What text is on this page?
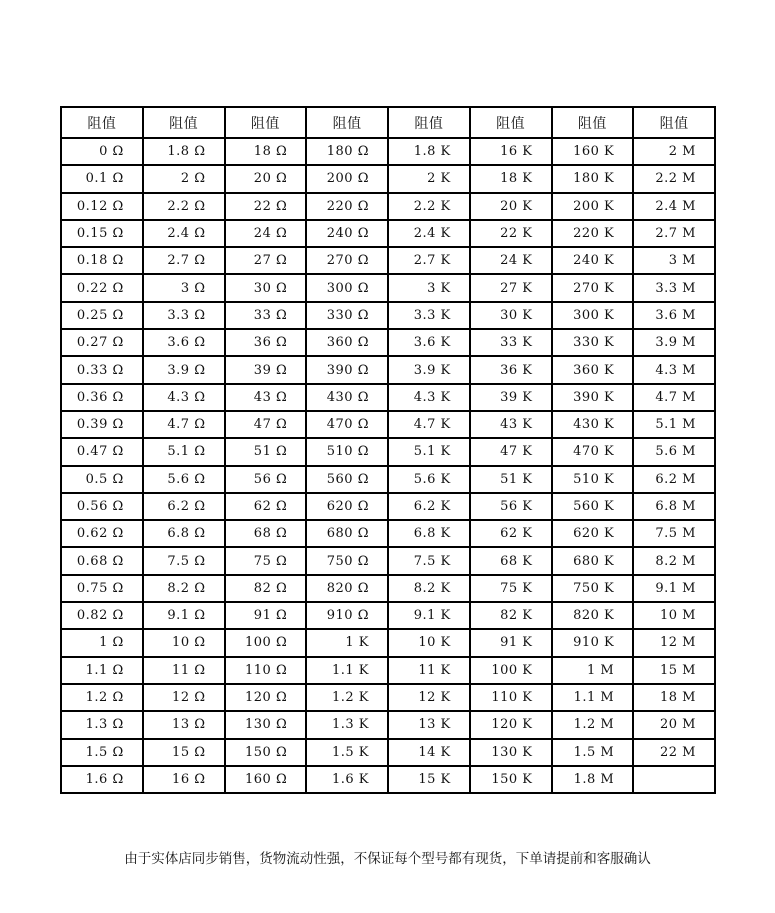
阻值	阻值	阻值	阻值	阻值	阻值	阻值	阻值
0 Ω	1.8 Ω	18 Ω	180 Ω	1.8 K	16 K	160 K	2 M
0.1 Ω	2 Ω	20 Ω	200 Ω	2 K	18 K	180 K	2.2 M
0.12 Ω	2.2 Ω	22 Ω	220 Ω	2.2 K	20 K	200 K	2.4 M
0.15 Ω	2.4 Ω	24 Ω	240 Ω	2.4 K	22 K	220 K	2.7 M
0.18 Ω	2.7 Ω	27 Ω	270 Ω	2.7 K	24 K	240 K	3 M
0.22 Ω	3 Ω	30 Ω	300 Ω	3 K	27 K	270 K	3.3 M
0.25 Ω	3.3 Ω	33 Ω	330 Ω	3.3 K	30 K	300 K	3.6 M
0.27 Ω	3.6 Ω	36 Ω	360 Ω	3.6 K	33 K	330 K	3.9 M
0.33 Ω	3.9 Ω	39 Ω	390 Ω	3.9 K	36 K	360 K	4.3 M
0.36 Ω	4.3 Ω	43 Ω	430 Ω	4.3 K	39 K	390 K	4.7 M
0.39 Ω	4.7 Ω	47 Ω	470 Ω	4.7 K	43 K	430 K	5.1 M
0.47 Ω	5.1 Ω	51 Ω	510 Ω	5.1 K	47 K	470 K	5.6 M
0.5 Ω	5.6 Ω	56 Ω	560 Ω	5.6 K	51 K	510 K	6.2 M
0.56 Ω	6.2 Ω	62 Ω	620 Ω	6.2 K	56 K	560 K	6.8 M
0.62 Ω	6.8 Ω	68 Ω	680 Ω	6.8 K	62 K	620 K	7.5 M
0.68 Ω	7.5 Ω	75 Ω	750 Ω	7.5 K	68 K	680 K	8.2 M
0.75 Ω	8.2 Ω	82 Ω	820 Ω	8.2 K	75 K	750 K	9.1 M
0.82 Ω	9.1 Ω	91 Ω	910 Ω	9.1 K	82 K	820 K	10 M
1 Ω	10 Ω	100 Ω	1 K	10 K	91 K	910 K	12 M
1.1 Ω	11 Ω	110 Ω	1.1 K	11 K	100 K	1 M	15 M
1.2 Ω	12 Ω	120 Ω	1.2 K	12 K	110 K	1.1 M	18 M
1.3 Ω	13 Ω	130 Ω	1.3 K	13 K	120 K	1.2 M	20 M
1.5 Ω	15 Ω	150 Ω	1.5 K	14 K	130 K	1.5 M	22 M
1.6 Ω	16 Ω	160 Ω	1.6 K	15 K	150 K	1.8 M	
由于实体店同步销售，货物流动性强，不保证每个型号都有现货，下单请提前和客服确认
